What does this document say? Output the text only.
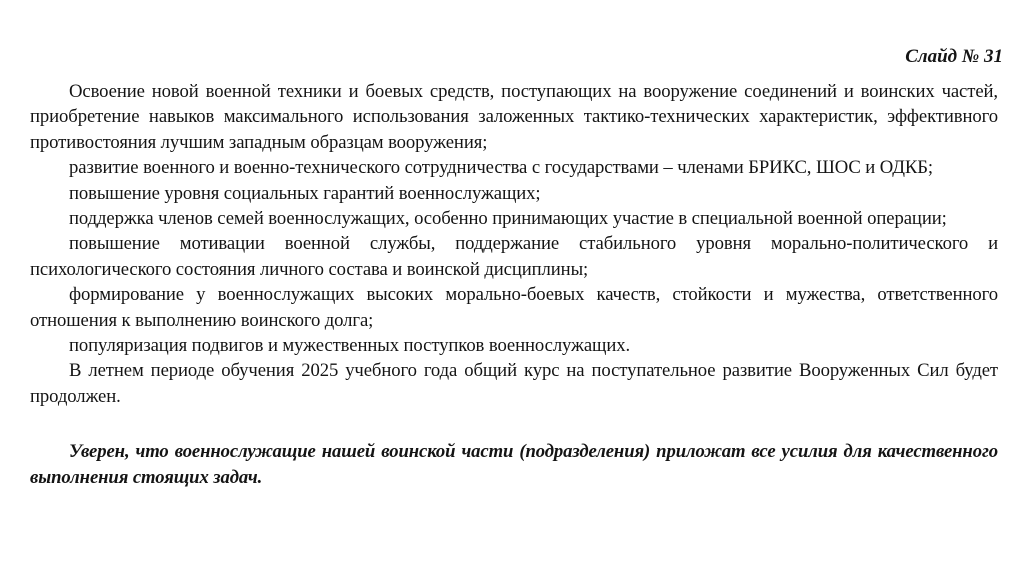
Слайд № 31

Освоение новой военной техники и боевых средств, поступающих на вооружение соединений и воинских частей, приобретение навыков максимального использования заложенных тактико-технических характеристик, эффективного противостояния лучшим западным образцам вооружения;

развитие военного и военно-технического сотрудничества с государствами – членами БРИКС, ШОС и ОДКБ;

повышение уровня социальных гарантий военнослужащих;

поддержка членов семей военнослужащих, особенно принимающих участие в специальной военной операции;

повышение мотивации военной службы, поддержание стабильного уровня морально-политического и психологического состояния личного состава и воинской дисциплины;

формирование у военнослужащих высоких морально-боевых качеств, стойкости и мужества, ответственного отношения к выполнению воинского долга;

популяризация подвигов и мужественных поступков военнослужащих.

В летнем периоде обучения 2025 учебного года общий курс на поступательное развитие Вооруженных Сил будет продолжен.

Уверен, что военнослужащие нашей воинской части (подразделения) приложат все усилия для качественного выполнения стоящих задач.
